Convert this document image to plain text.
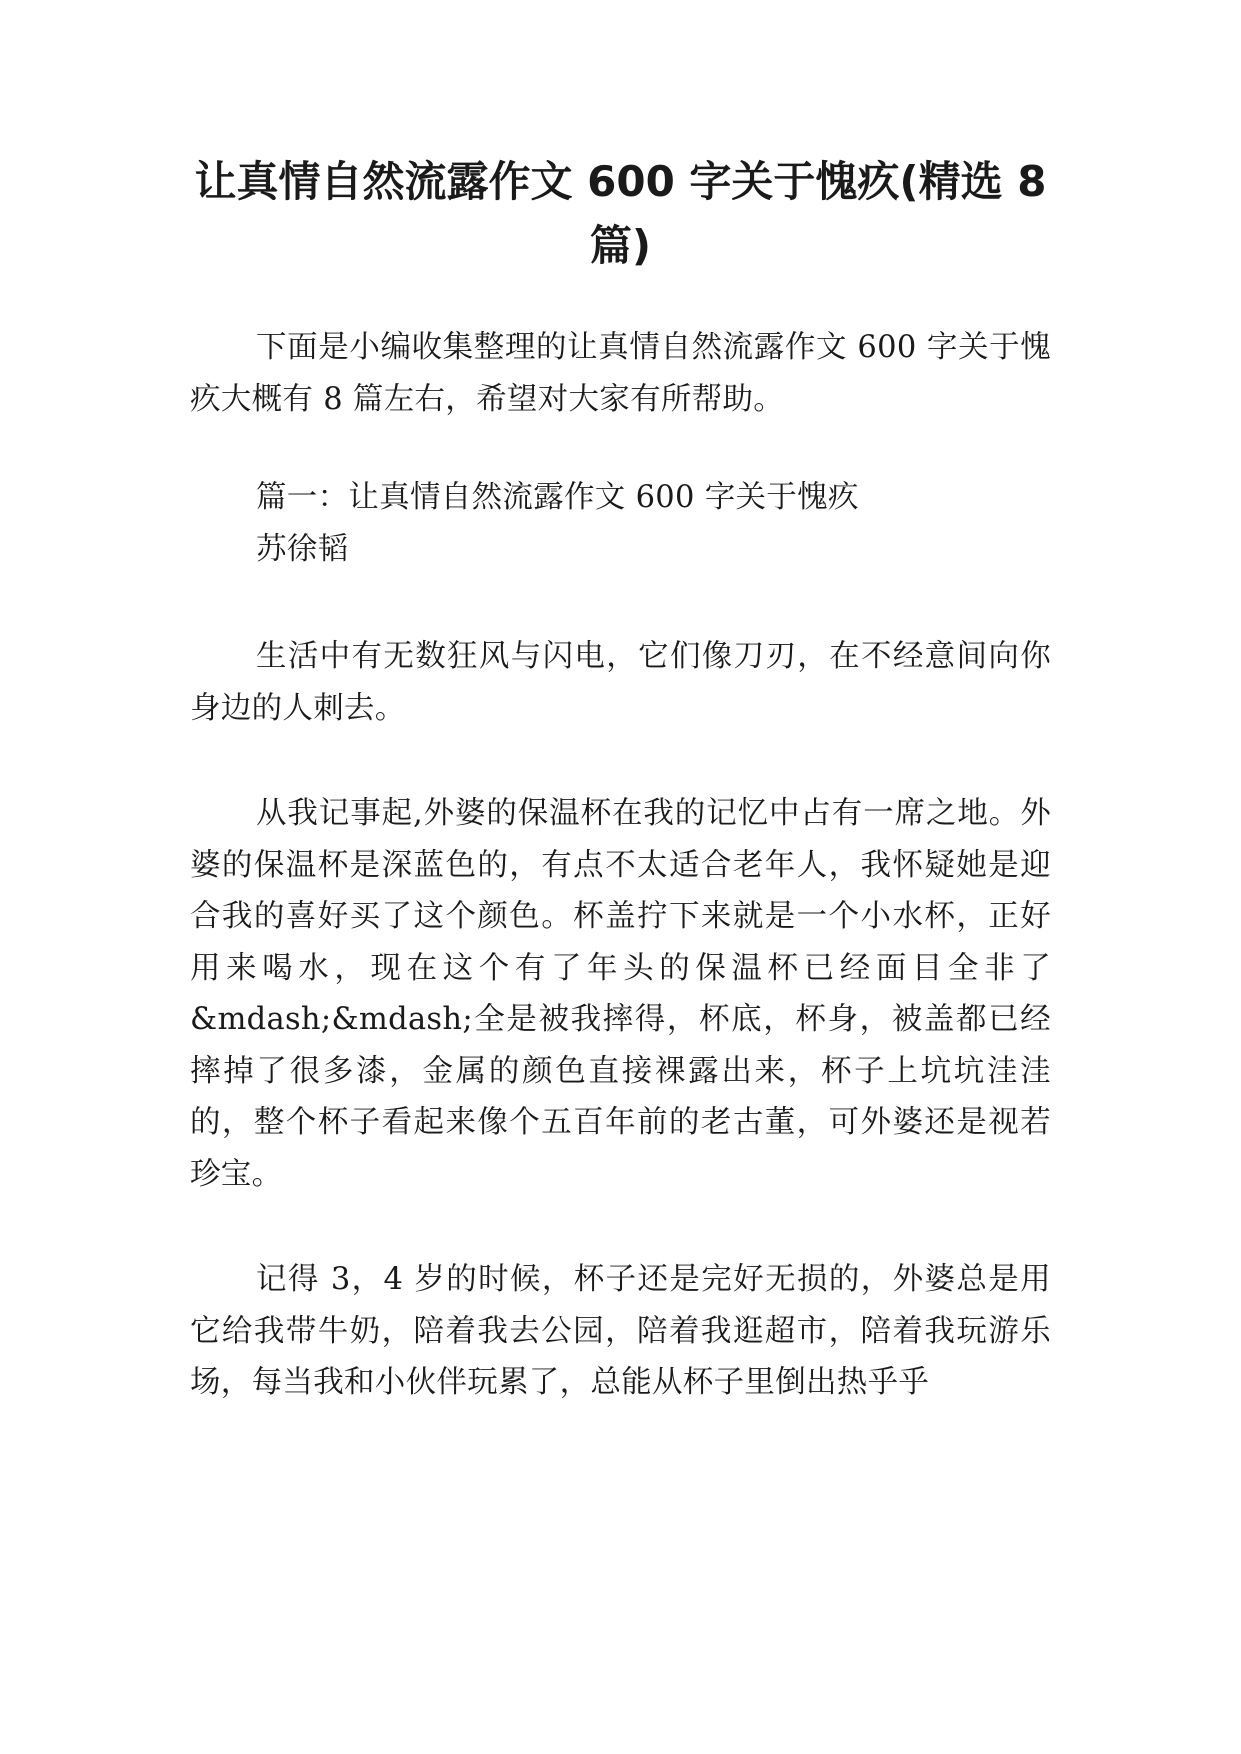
让真情自然流露作文 600 字关于愧疚(精选 8 篇)

下面是小编收集整理的让真情自然流露作文 600 字关于愧疚大概有 8 篇左右，希望对大家有所帮助。

篇一：让真情自然流露作文 600 字关于愧疚

苏徐韬

生活中有无数狂风与闪电，它们像刀刃，在不经意间向你身边的人刺去。

从我记事起,外婆的保温杯在我的记忆中占有一席之地。外婆的保温杯是深蓝色的，有点不太适合老年人，我怀疑她是迎合我的喜好买了这个颜色。杯盖拧下来就是一个小水杯，正好用来喝水，现在这个有了年头的保温杯已经面目全非了&mdash;&mdash;全是被我摔得，杯底，杯身，被盖都已经摔掉了很多漆，金属的颜色直接裸露出来，杯子上坑坑洼洼的，整个杯子看起来像个五百年前的老古董，可外婆还是视若珍宝。

记得 3，4 岁的时候，杯子还是完好无损的，外婆总是用它给我带牛奶，陪着我去公园，陪着我逛超市，陪着我玩游乐场，每当我和小伙伴玩累了，总能从杯子里倒出热乎乎
